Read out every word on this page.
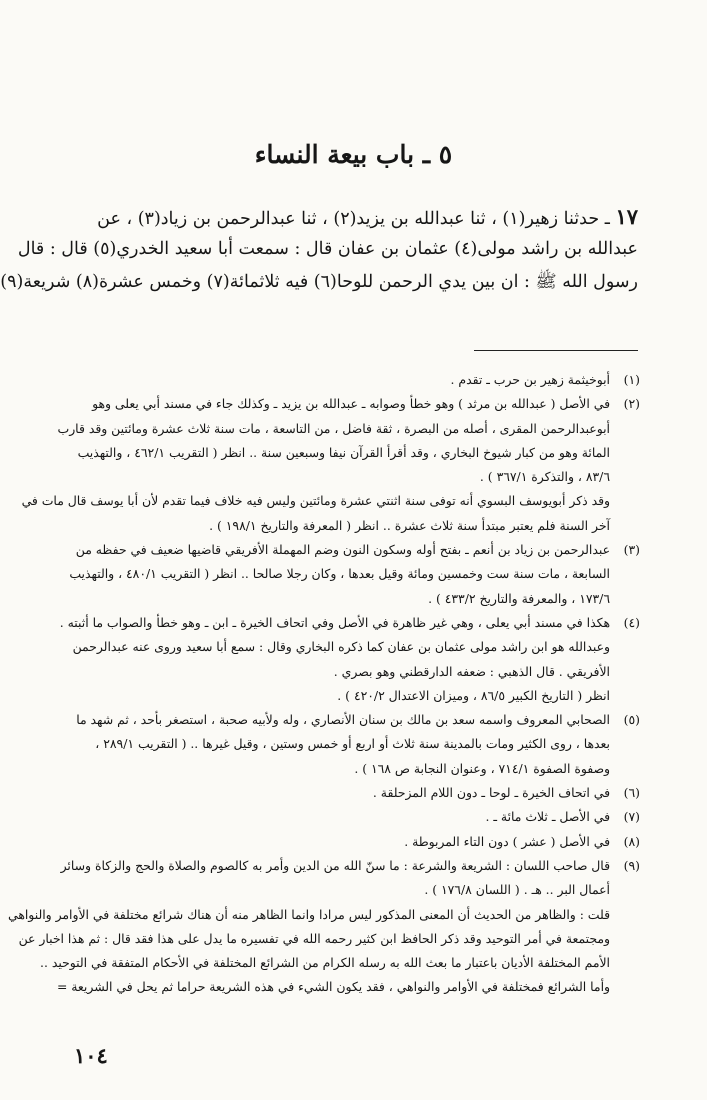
٥ ـ باب بيعة النساء
١٧ ـ حدثنا زهير(١) ، ثنا عبدالله بن يزيد(٢) ، ثنا عبدالرحمن بن زياد(٣) ، عن
عبدالله بن راشد مولى(٤) عثمان بن عفان قال : سمعت أبا سعيد الخدري(٥) قال : قال
رسول الله ﷺ : ان بين يدي الرحمن للوحا(٦) فيه ثلاثمائة(٧) وخمس عشرة(٨) شريعة(٩)
(١)
أبوخيثمة زهير بن حرب ـ تقدم .
(٢)
في الأصل ( عبدالله بن مرثد ) وهو خطأ وصوابه ـ عبدالله بن يزيد ـ وكذلك جاء في مسند أبي يعلى وهو
أبوعبدالرحمن المقرى ، أصله من البصرة ، ثقة فاضل ، من التاسعة ، مات سنة ثلاث عشرة ومائتين وقد قارب
المائة وهو من كبار شيوخ البخاري ، وقد أقرأ القرآن نيفا وسبعين سنة .. انظر ( التقريب ٤٦٢/١ ، والتهذيب
٨٣/٦ ، والتذكرة ٣٦٧/١ ) .
وقد ذكر أبويوسف البسوي أنه توفى سنة اثنتي عشرة ومائتين وليس فيه خلاف فيما تقدم لأن أبا يوسف قال مات في
آخر السنة فلم يعتبر مبتدأ سنة ثلاث عشرة .. انظر ( المعرفة والتاريخ ١٩٨/١ ) .
(٣)
عبدالرحمن بن زياد بن أنعم ـ بفتح أوله وسكون النون وضم المهملة الأفريقي قاضيها ضعيف في حفظه من
السابعة ، مات سنة ست وخمسين ومائة وقيل بعدها ، وكان رجلا صالحا .. انظر ( التقريب ٤٨٠/١ ، والتهذيب
١٧٣/٦ ، والمعرفة والتاريخ ٤٣٣/٢ ) .
(٤)
هكذا في مسند أبي يعلى ، وهي غير ظاهرة في الأصل وفي اتحاف الخيرة ـ ابن ـ وهو خطأ والصواب ما أثبته .
وعبدالله هو ابن راشد مولى عثمان بن عفان كما ذكره البخاري وقال : سمع أبا سعيد وروى عنه عبدالرحمن
الأفريقي . قال الذهبي : ضعفه الدارقطني وهو بصري .
انظر ( التاريخ الكبير ٨٦/٥ ، وميزان الاعتدال ٤٢٠/٢ ) .
(٥)
الصحابي المعروف واسمه سعد بن مالك بن سنان الأنصاري ، وله ولأبيه صحبة ، استصغر بأحد ، ثم شهد ما
بعدها ، روى الكثير ومات بالمدينة سنة ثلاث أو اربع أو خمس وستين ، وقيل غيرها .. ( التقريب ٢٨٩/١ ،
وصفوة الصفوة ٧١٤/١ ، وعنوان النجابة ص ١٦٨ ) .
(٦)
في اتحاف الخيرة ـ لوحا ـ دون اللام المزحلقة .
(٧)
في الأصل ـ ثلاث مائة ـ .
(٨)
في الأصل ( عشر ) دون التاء المربوطة .
(٩)
قال صاحب اللسان : الشريعة والشرعة : ما سنّ الله من الدين وأمر به كالصوم والصلاة والحج والزكاة وسائر
أعمال البر .. هـ . ( اللسان ١٧٦/٨ ) .
قلت : والظاهر من الحديث أن المعنى المذكور ليس مرادا وانما الظاهر منه أن هناك شرائع مختلفة في الأوامر والنواهي
ومجتمعة في أمر التوحيد وقد ذكر الحافظ ابن كثير رحمه الله في تفسيره ما يدل على هذا فقد قال : ثم هذا اخبار عن
الأمم المختلفة الأديان باعتبار ما بعث الله به رسله الكرام من الشرائع المختلفة في الأحكام المتفقة في التوحيد ..
وأما الشرائع فمختلفة في الأوامر والنواهي ، فقد يكون الشيء في هذه الشريعة حراما ثم يحل في الشريعة =
١٠٤
